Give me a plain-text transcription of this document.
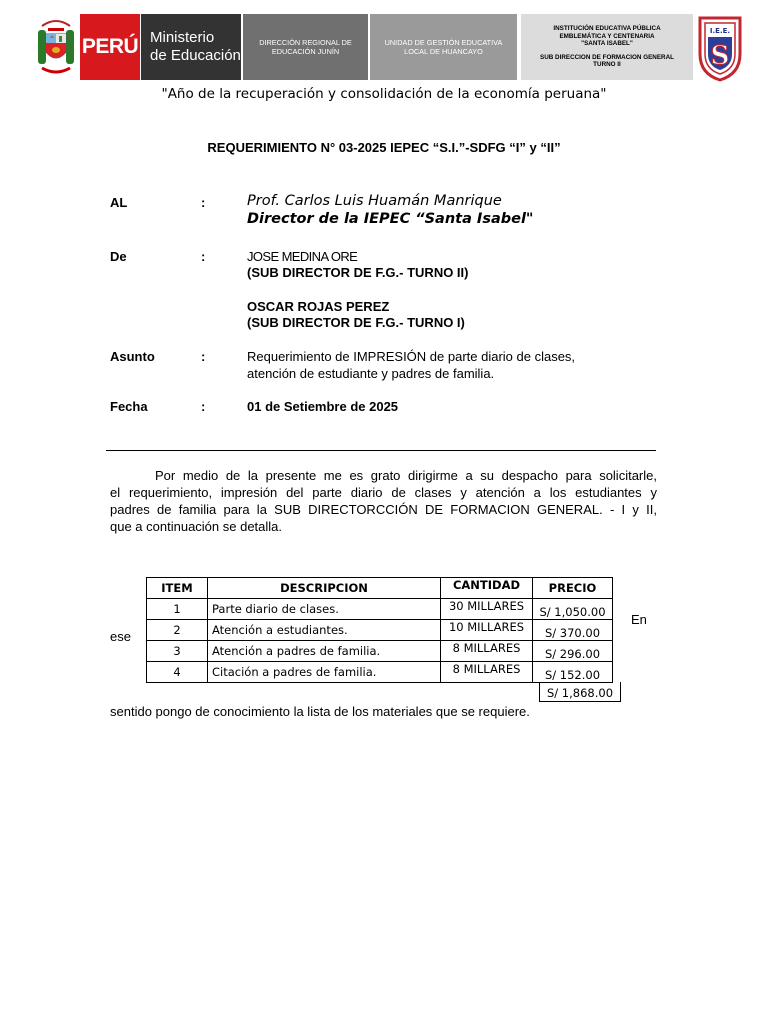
PERÚ Ministerio
de Educación
DIRECCIÓN REGIONAL DE
EDUCACIÓN JUNÍN
UNIDAD DE GESTIÓN EDUCATIVA
LOCAL DE HUANCAYO
INSTITUCIÓN EDUCATIVA PÚBLICA
EMBLEMÁTICA Y CENTENARIA
"SANTA ISABEL"
SUB DIRECCION DE FORMACION GENERAL
TURNO II
I.E.E.
S
"Año de la recuperación y consolidación de la economía peruana"
REQUERIMIENTO N° 03-2025 IEPEC “S.I.”-SDFG “I” y “II”
AL	:	Prof. Carlos Luis Huamán Manrique
Director de la IEPEC “Santa Isabel"
De	:	JOSE MEDINA ORE
(SUB DIRECTOR DE F.G.- TURNO II)
OSCAR ROJAS PEREZ
(SUB DIRECTOR DE F.G.- TURNO I)
Asunto	:	Requerimiento de IMPRESIÓN de parte diario de clases,
atención de estudiante y padres de familia.
Fecha	:	01 de Setiembre de 2025
Por medio de la presente me es grato dirigirme a su despacho para solicitarle,
el requerimiento, impresión del parte diario de clases y atención a los estudiantes y
padres de familia para la SUB DIRECTORCCIÓN DE FORMACION GENERAL. - I y II,
que a continuación se detalla.
ITEM	DESCRIPCION	CANTIDAD	PRECIO
1	Parte diario de clases.	30 MILLARES	S/ 1,050.00
2	Atención a estudiantes.	10 MILLARES	S/ 370.00
3	Atención a padres de familia.	8 MILLARES	S/ 296.00
4	Citación a padres de familia.	8 MILLARES	S/ 152.00
S/ 1,868.00
En
ese
sentido pongo de conocimiento la lista de los materiales que se requiere.
